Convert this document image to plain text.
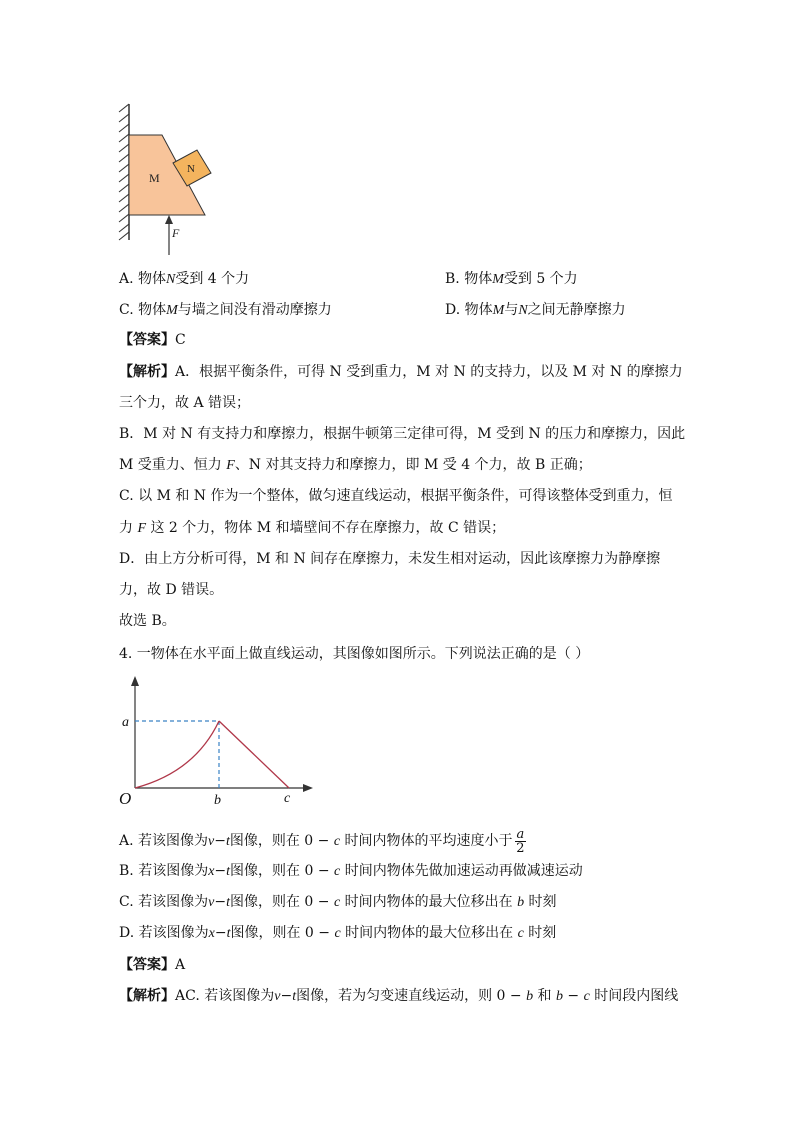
M
N
F
A. 物体N受到 4 个力	B. 物体M受到 5 个力
C. 物体M与墙之间没有滑动摩擦力	D. 物体M与N之间无静摩擦力
【答案】C
【解析】A．根据平衡条件，可得 N 受到重力，M 对 N 的支持力，以及 M 对 N 的摩擦力
三个力，故 A 错误；
B．M 对 N 有支持力和摩擦力，根据牛顿第三定律可得，M 受到 N 的压力和摩擦力，因此
M 受重力、恒力 F、N 对其支持力和摩擦力，即 M 受 4 个力，故 B 正确；
C. 以 M 和 N 作为一个整体，做匀速直线运动，根据平衡条件，可得该整体受到重力，恒
力 F 这 2 个力，物体 M 和墙壁间不存在摩擦力，故 C 错误；
D．由上方分析可得，M 和 N 间存在摩擦力，未发生相对运动，因此该摩擦力为静摩擦
力，故 D 错误。
故选 B。
4. 一物体在水平面上做直线运动，其图像如图所示。下列说法正确的是（ ）
a
O	b	c
A. 若该图像为v−t图像，则在 0 − c 时间内物体的平均速度小于 $\frac{a}{2}$
B. 若该图像为x−t图像，则在 0 − c 时间内物体先做加速运动再做减速运动
C. 若该图像为v−t图像，则在 0 − c 时间内物体的最大位移出在 b 时刻
D. 若该图像为x−t图像，则在 0 − c 时间内物体的最大位移出在 c 时刻
【答案】A
【解析】AC. 若该图像为v−t图像，若为匀变速直线运动，则 0 − b 和 b − c 时间段内图线
